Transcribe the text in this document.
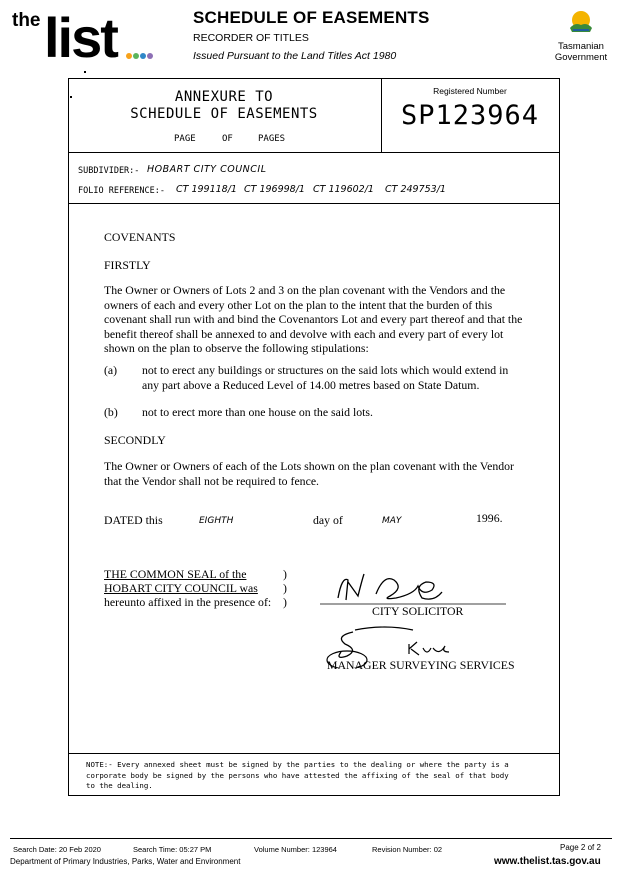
the list	SCHEDULE OF EASEMENTS
RECORDER OF TITLES
Issued Pursuant to the Land Titles Act 1980
Tasmanian
Government
ANNEXURE TO
SCHEDULE OF EASEMENTS
PAGE	OF	PAGES
Registered Number
SP123964
SUBDIVIDER:- HOBART CITY COUNCIL
FOLIO REFERENCE:- CT 199118/1 CT 196998/1 CT 119602/1 CT 249753/1
COVENANTS
FIRSTLY
The Owner or Owners of Lots 2 and 3 on the plan covenant with the Vendors and the
owners of each and every other Lot on the plan to the intent that the burden of this
covenant shall run with and bind the Covenantors Lot and every part thereof and that the
benefit thereof shall be annexed to and devolve with each and every part of every lot
shown on the plan to observe the following stipulations:
(a) not to erect any buildings or structures on the said lots which would extend in
any part above a Reduced Level of 14.00 metres based on State Datum.
(b) not to erect more than one house on the said lots.
SECONDLY
The Owner or Owners of each of the Lots shown on the plan covenant with the Vendor
that the Vendor shall not be required to fence.
DATED this	EIGHTH	day of	MAY	1996.
THE COMMON SEAL of the
HOBART CITY COUNCIL was
hereunto affixed in the presence of:
)
)
)
CITY SOLICITOR
MANAGER SURVEYING SERVICES
NOTE:- Every annexed sheet must be signed by the parties to the dealing or where the party is a
corporate body be signed by the persons who have attested the affixing of the seal of that body
to the dealing.
Search Date: 20 Feb 2020	Search Time: 05:27 PM	Volume Number: 123964	Revision Number: 02	Page 2 of 2
Department of Primary Industries, Parks, Water and Environment	www.thelist.tas.gov.au
